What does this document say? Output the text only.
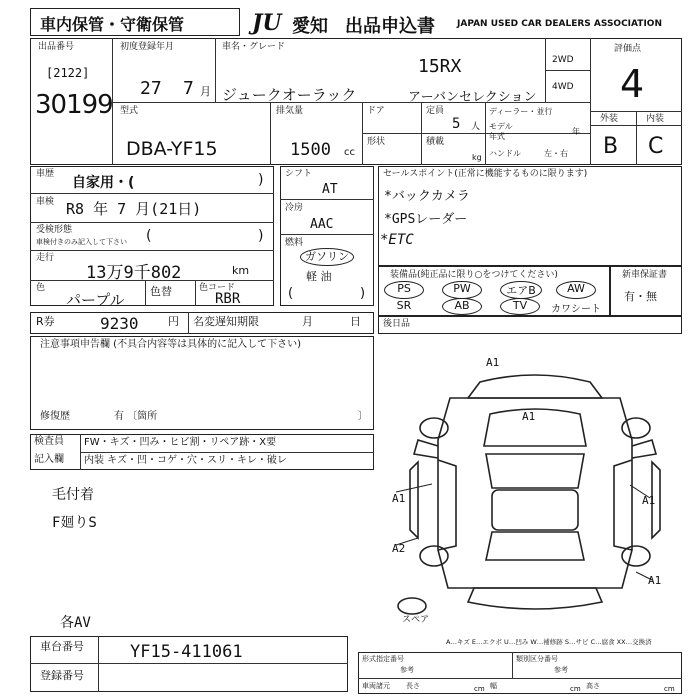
車内保管・守衛保管	JU 愛知 出品申込書 JAPAN USED CAR DEALERS ASSOCIATION
出品番号
[2122]
30199
初度登録年月
27 7 月
車名・グレード
15RX
ジュークオーラック	アーバンセレクション
2WD
4WD
評価点
4
外装	内装
B C
型式
DBA-YF15
排気量
1500 cc
ドア	定員
5 人
形状	積載
kg
ディーラー・並行
モデル
年式
年
ハンドル	左・右
車歴
自家用・(	)
車検 R8 年 7 月(21日)
受検形態
車検付きのみ記入して下さい (	)
走行
13万9千802	km
色
パープル 色替	色コード
RBR
シフト
AT
冷房
AAC
燃料
ガソリン
軽 油
(	)
セールスポイント(正常に機能するものに限ります)
*バックカメラ
*GPSレーダー
*ETC
装備品(純正品に限り○をつけてください)
PS	PW	エアB	AW
SR	AB	TV	カワシート
新車保証書
有・無
R券	9230	円 名変遅知期限	月	日 後日品
注意事項申告欄 (不具合内容等は具体的に記入して下さい)
修復歴	有 〔箇所	〕
検査員
記入欄
FW・キズ・凹み・ヒビ割・リペア跡・X要
内装 キズ・凹・コゲ・穴・スリ・キレ・破レ
毛付着
F廻りS
各AV
A1
A1
A1	A1
A2
A1
スペア
A…キズ E…エクボ U…凹み W…補修跡 S…サビ C…腐食 XX…交換済
車台番号	YF15-411061
登録番号
形式指定番号
参考
類別区分番号
参考
車両諸元 長さ	cm 幅	cm 高さ	cm
